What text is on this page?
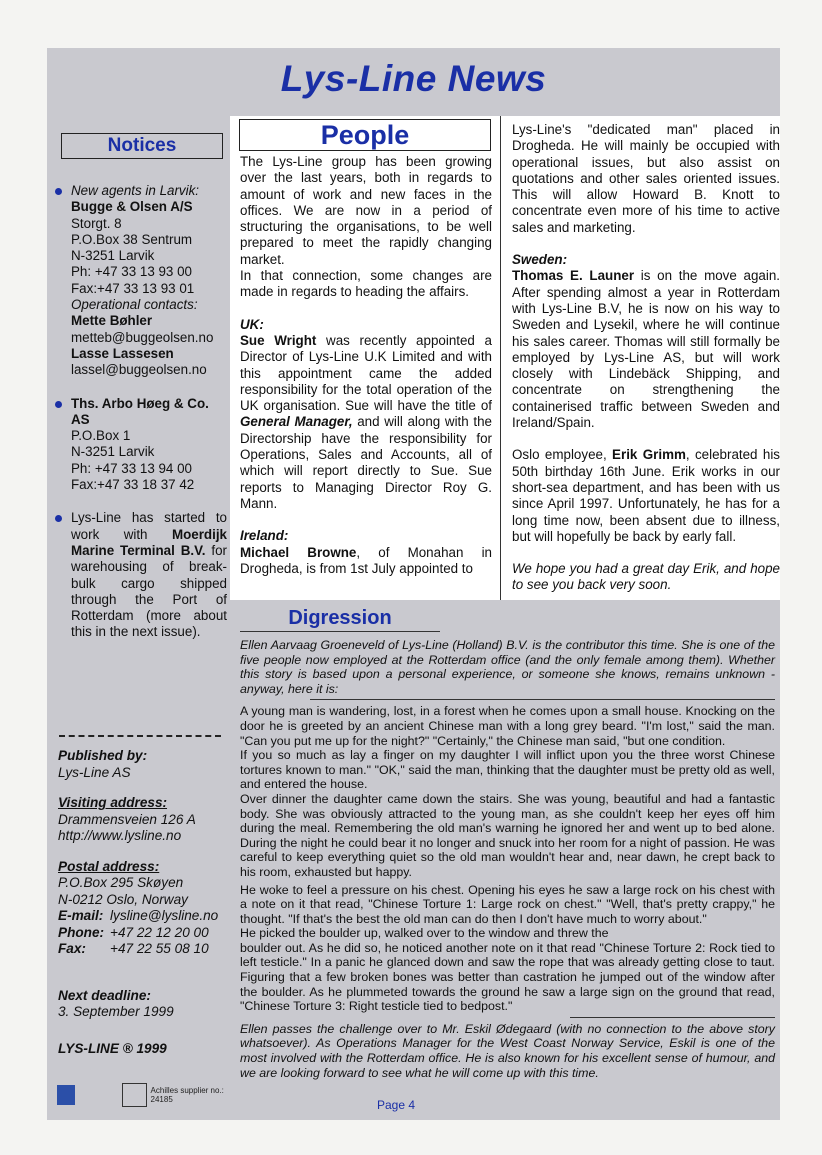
Lys-Line News
Notices

New agents in Larvik:

Bugge & Olsen A/S

Storgt. 8

P.O.Box 38 Sentrum

N-3251 Larvik

Ph: +47 33 13 93 00

Fax:+47 33 13 93 01

Operational contacts:

Mette Bøhler

metteb@buggeolsen.no

Lasse Lassesen

lassel@buggeolsen.no

Ths. Arbo Høeg & Co. AS

P.O.Box 1

N-3251 Larvik

Ph: +47 33 13 94 00

Fax:+47 33 18 37 42

Lys-Line has started to work with Moerdijk Marine Terminal B.V. for warehousing of break-bulk cargo shipped through the Port of Rotterdam (more about this in the next issue).

Published by:

Lys-Line AS

Visiting address:

Drammensveien 126 A

http://www.lysline.no

Postal address:

P.O.Box 295 Skøyen

N-0212 Oslo, Norway

E-mail: lysline@lysline.no
Phone: +47 22 12 20 00
Fax:	+47 22 55 08 10

Next deadline:

3. September 1999

LYS-LINE ® 1999

Achilles supplier no.: 24185
People

The Lys-Line group has been growing over the last years, both in regards to amount of work and new faces in the offices. We are now in a period of structuring the organisations, to be well prepared to meet the rapidly changing market.

In that connection, some changes are made in regards to heading the affairs.

UK:

Sue Wright was recently appointed a Director of Lys-Line U.K Limited and with this appointment came the added responsibility for the total operation of the UK organisation. Sue will have the title of General Manager, and will along with the Directorship have the responsibility for Operations, Sales and Accounts, all of which will report directly to Sue. Sue reports to Managing Director Roy G. Mann.

Ireland:

Michael Browne, of Monahan in Drogheda, is from 1st July appointed to

Lys-Line's "dedicated man" placed in Drogheda. He will mainly be occupied with operational issues, but also assist on quotations and other sales oriented issues. This will allow Howard B. Knott to concentrate even more of his time to active sales and marketing.

Sweden:

Thomas E. Launer is on the move again. After spending almost a year in Rotterdam with Lys-Line B.V, he is now on his way to Sweden and Lysekil, where he will continue his sales career. Thomas will still formally be employed by Lys-Line AS, but will work closely with Lindebäck Shipping, and concentrate on strengthening the containerised traffic between Sweden and Ireland/Spain.

Oslo employee, Erik Grimm, celebrated his 50th birthday 16th June. Erik works in our short-sea department, and has been with us since April 1997. Unfortunately, he has for a long time now, been absent due to illness, but will hopefully be back by early fall.

We hope you had a great day Erik, and hope to see you back very soon.

Digression

Ellen Aarvaag Groeneveld of Lys-Line (Holland) B.V. is the contributor this time. She is one of the five people now employed at the Rotterdam office (and the only female among them). Whether this story is based upon a personal experience, or someone she knows, remains unknown - anyway, here it is:

A young man is wandering, lost, in a forest when he comes upon a small house. Knocking on the door he is greeted by an ancient Chinese man with a long grey beard. "I'm lost," said the man. "Can you put me up for the night?" "Certainly," the Chinese man said, "but one condition.

If you so much as lay a finger on my daughter I will inflict upon you the three worst Chinese tortures known to man." "OK," said the man, thinking that the daughter must be pretty old as well, and entered the house.

Over dinner the daughter came down the stairs. She was young, beautiful and had a fantastic body. She was obviously attracted to the young man, as she couldn't keep her eyes off him during the meal. Remembering the old man's warning he ignored her and went up to bed alone. During the night he could bear it no longer and snuck into her room for a night of passion. He was careful to keep everything quiet so the old man wouldn't hear and, near dawn, he crept back to his room, exhausted but happy.

He woke to feel a pressure on his chest. Opening his eyes he saw a large rock on his chest with a note on it that read, "Chinese Torture 1: Large rock on chest." "Well, that's pretty crappy," he thought. "If that's the best the old man can do then I don't have much to worry about."

He picked the boulder up, walked over to the window and threw the

boulder out. As he did so, he noticed another note on it that read "Chinese Torture 2: Rock tied to left testicle." In a panic he glanced down and saw the rope that was already getting close to taut. Figuring that a few broken bones was better than castration he jumped out of the window after the boulder. As he plummeted towards the ground he saw a large sign on the ground that read, "Chinese Torture 3: Right testicle tied to bedpost."

Ellen passes the challenge over to Mr. Eskil Ødegaard (with no connection to the above story whatsoever). As Operations Manager for the West Coast Norway Service, Eskil is one of the most involved with the Rotterdam office. He is also known for his excellent sense of humour, and we are looking forward to see what he will come up with this time.

Page 4
